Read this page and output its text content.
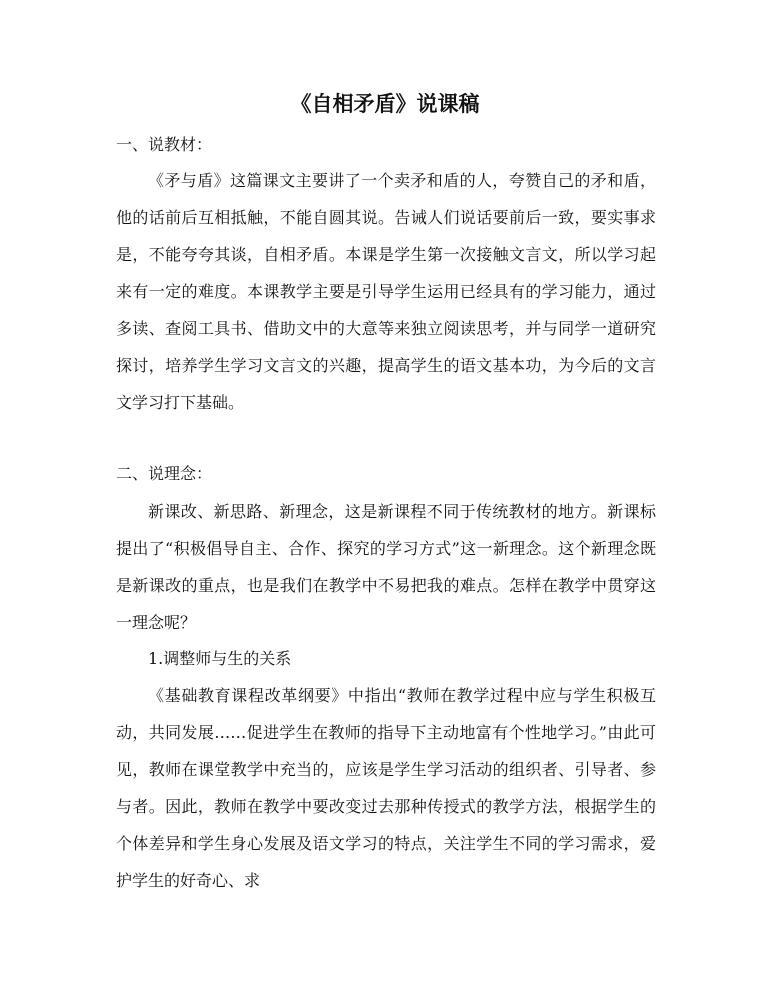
《自相矛盾》说课稿

一、说教材：

《矛与盾》这篇课文主要讲了一个卖矛和盾的人，夸赞自己的矛和盾，他的话前后互相抵触，不能自圆其说。告诫人们说话要前后一致，要实事求是，不能夸夸其谈，自相矛盾。本课是学生第一次接触文言文，所以学习起来有一定的难度。本课教学主要是引导学生运用已经具有的学习能力，通过多读、查阅工具书、借助文中的大意等来独立阅读思考，并与同学一道研究探讨，培养学生学习文言文的兴趣，提高学生的语文基本功，为今后的文言文学习打下基础。

二、说理念：

新课改、新思路、新理念，这是新课程不同于传统教材的地方。新课标提出了“积极倡导自主、合作、探究的学习方式”这一新理念。这个新理念既是新课改的重点，也是我们在教学中不易把我的难点。怎样在教学中贯穿这一理念呢？

1.调整师与生的关系

《基础教育课程改革纲要》中指出“教师在教学过程中应与学生积极互动，共同发展……促进学生在教师的指导下主动地富有个性地学习。”由此可见，教师在课堂教学中充当的，应该是学生学习活动的组织者、引导者、参与者。因此，教师在教学中要改变过去那种传授式的教学方法，根据学生的个体差异和学生身心发展及语文学习的特点，关注学生不同的学习需求，爱护学生的好奇心、求
